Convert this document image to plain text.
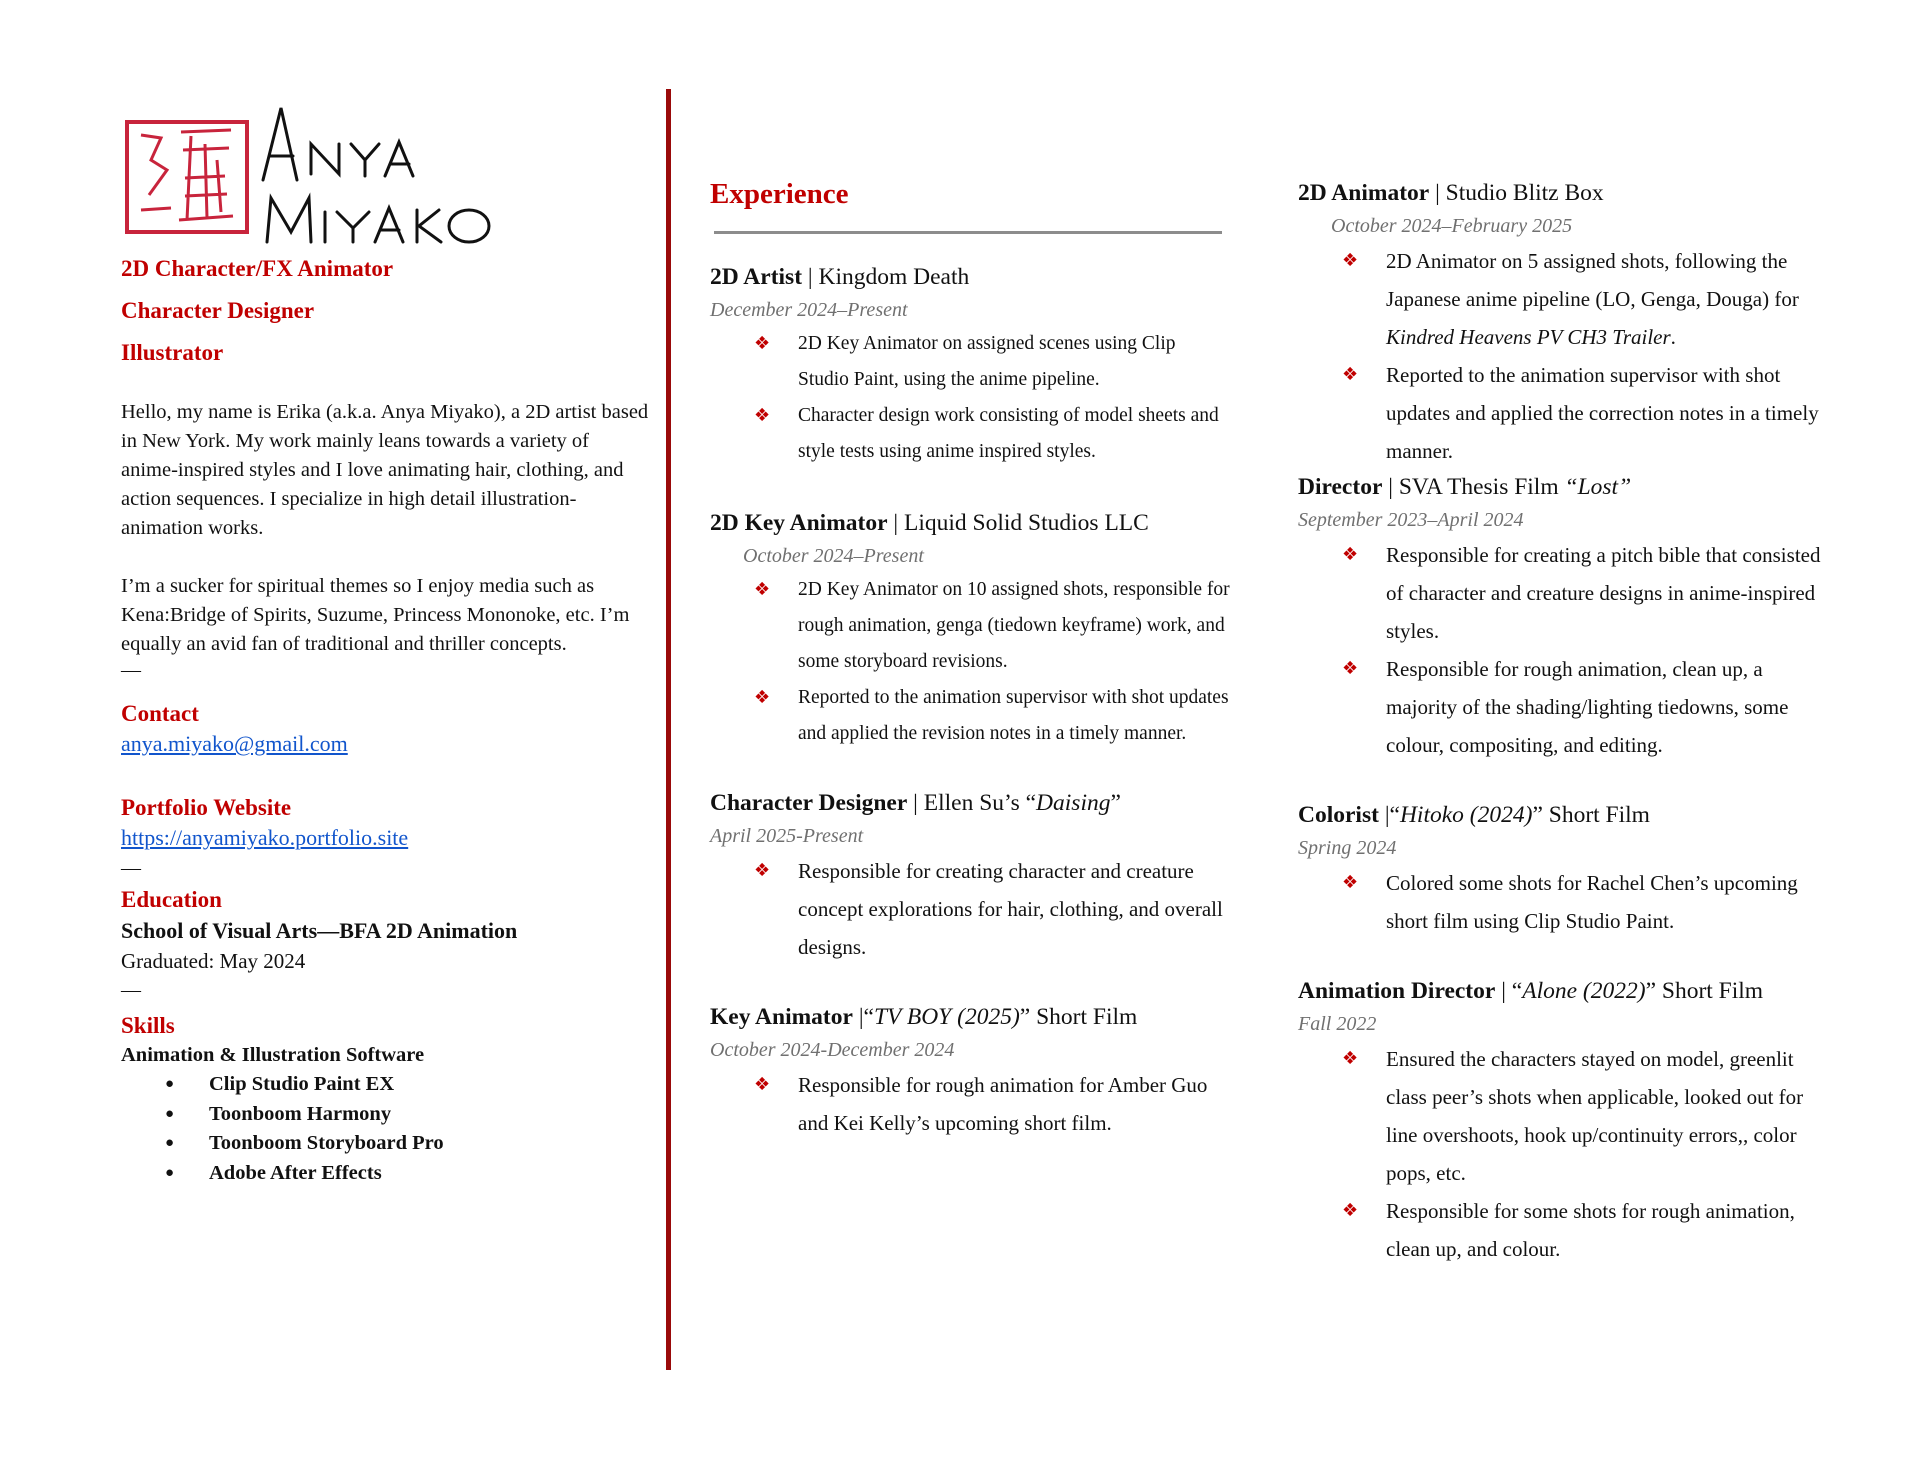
2D Character/FX Animator
Character Designer
Illustrator

Hello, my name is Erika (a.k.a. Anya Miyako), a 2D artist based in New York. My work mainly leans towards a variety of anime-inspired styles and I love animating hair, clothing, and action sequences. I specialize in high detail illustration-animation works.

I’m a sucker for spiritual themes so I enjoy media such as Kena:Bridge of Spirits, Suzume, Princess Mononoke, etc. I’m equally an avid fan of traditional and thriller concepts.

—
Contact
anya.miyako@gmail.com
Portfolio Website
https://anyamiyako.portfolio.site
—
Education
School of Visual Arts—BFA 2D Animation
Graduated: May 2024
—
Skills
Animation & Illustration Software
● Clip Studio Paint EX
● Toonboom Harmony
● Toonboom Storyboard Pro
● Adobe After Effects
Experience
2D Artist | Kingdom Death
December 2024–Present
❖ 2D Key Animator on assigned scenes using Clip Studio Paint, using the anime pipeline.
❖ Character design work consisting of model sheets and style tests using anime inspired styles.
2D Key Animator | Liquid Solid Studios LLC
October 2024–Present
❖ 2D Key Animator on 10 assigned shots, responsible for rough animation, genga (tiedown keyframe) work, and some storyboard revisions.
❖ Reported to the animation supervisor with shot updates and applied the revision notes in a timely manner.
Character Designer | Ellen Su’s “Daising”
April 2025-Present
❖ Responsible for creating character and creature concept explorations for hair, clothing, and overall designs.
Key Animator |“TV BOY (2025)” Short Film
October 2024-December 2024
❖ Responsible for rough animation for Amber Guo and Kei Kelly’s upcoming short film.
2D Animator | Studio Blitz Box
October 2024–February 2025
❖ 2D Animator on 5 assigned shots, following the Japanese anime pipeline (LO, Genga, Douga) for Kindred Heavens PV CH3 Trailer.
❖ Reported to the animation supervisor with shot updates and applied the correction notes in a timely manner.
Director | SVA Thesis Film “Lost”
September 2023–April 2024
❖ Responsible for creating a pitch bible that consisted of character and creature designs in anime-inspired styles.
❖ Responsible for rough animation, clean up, a majority of the shading/lighting tiedowns, some colour, compositing, and editing.
Colorist |“Hitoko (2024)” Short Film
Spring 2024
❖ Colored some shots for Rachel Chen’s upcoming short film using Clip Studio Paint.
Animation Director | “Alone (2022)” Short Film
Fall 2022
❖ Ensured the characters stayed on model, greenlit class peer’s shots when applicable, looked out for line overshoots, hook up/continuity errors,, color pops, etc.
❖ Responsible for some shots for rough animation, clean up, and colour.
